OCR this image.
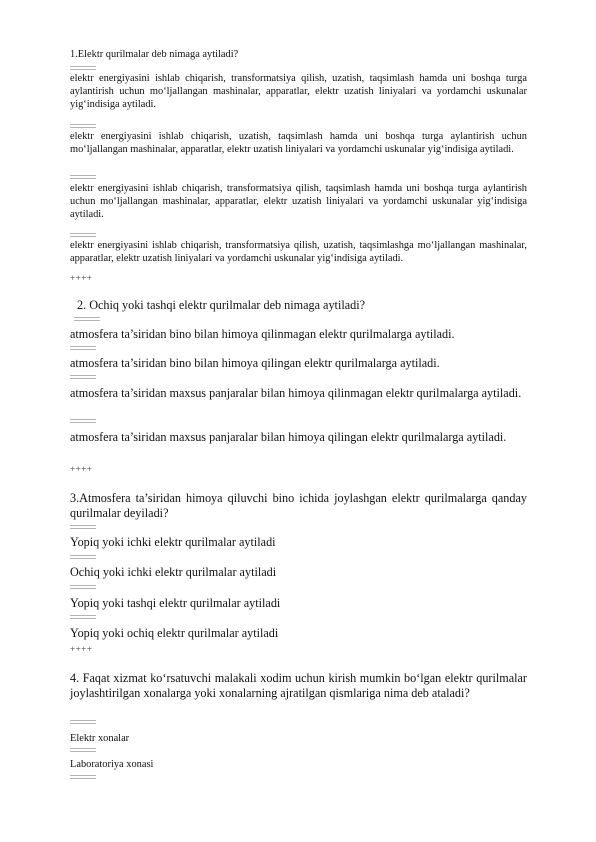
1.Elektr qurilmalar deb nimaga aytiladi?

elektr energiyasini ishlab chiqarish, transformatsiya qilish, uzatish, taqsimlash hamda uni boshqa turga aylantirish uchun mo‘ljallangan mashinalar, apparatlar, elektr uzatish liniyalari va yordamchi uskunalar yig‘indisiga aytiladi.

elektr energiyasini ishlab chiqarish, uzatish, taqsimlash hamda uni boshqa turga aylantirish uchun mo‘ljallangan mashinalar, apparatlar, elektr uzatish liniyalari va yordamchi uskunalar yig‘indisiga aytiladi.

elektr energiyasini ishlab chiqarish, transformatsiya qilish, taqsimlash hamda uni boshqa turga aylantirish uchun mo‘ljallangan mashinalar, apparatlar, elektr uzatish liniyalari va yordamchi uskunalar yig‘indisiga aytiladi.

elektr energiyasini ishlab chiqarish, transformatsiya qilish, uzatish, taqsimlashga mo‘ljallangan mashinalar, apparatlar, elektr uzatish liniyalari va yordamchi uskunalar yig‘indisiga aytiladi.

++++

2. Ochiq yoki tashqi elektr qurilmalar deb nimaga aytiladi?

atmosfera ta’siridan bino bilan himoya qilinmagan elektr qurilmalarga aytiladi.

atmosfera ta’siridan bino bilan himoya qilingan elektr qurilmalarga aytiladi.

atmosfera ta’siridan maxsus panjaralar bilan himoya qilinmagan elektr qurilmalarga aytiladi.

atmosfera ta’siridan maxsus panjaralar bilan himoya qilingan elektr qurilmalarga aytiladi.

++++

3.Atmosfera ta’siridan himoya qiluvchi bino ichida joylashgan elektr qurilmalarga qanday qurilmalar deyiladi?

Yopiq yoki ichki elektr qurilmalar aytiladi

Ochiq yoki ichki elektr qurilmalar aytiladi

Yopiq yoki tashqi elektr qurilmalar aytiladi

Yopiq yoki ochiq elektr qurilmalar aytiladi

++++

4. Faqat xizmat ko‘rsatuvchi malakali xodim uchun kirish mumkin bo‘lgan elektr qurilmalar joylashtirilgan xonalarga yoki xonalarning ajratilgan qismlariga nima deb ataladi?

Elektr xonalar

Laboratoriya xonasi
